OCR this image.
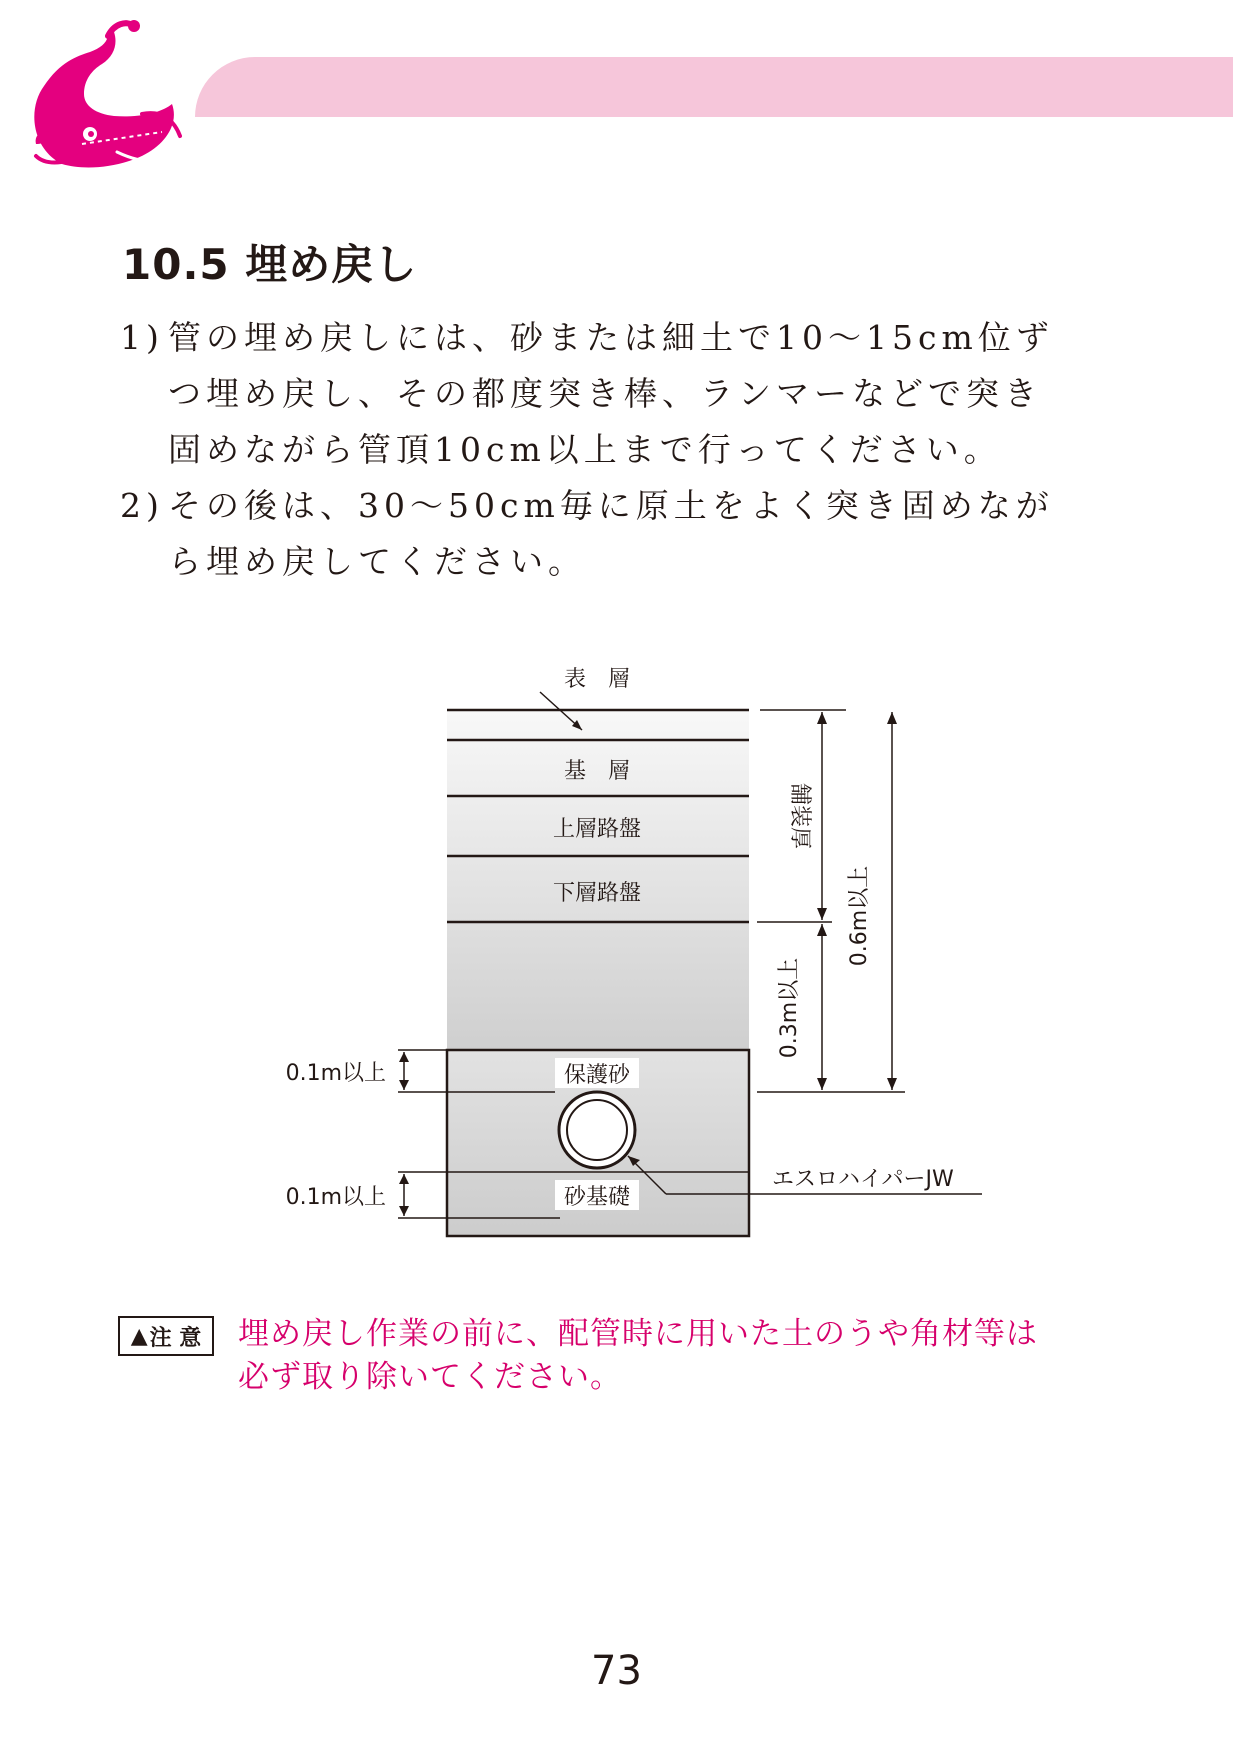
10.5 埋め戻し
1) 管の埋め戻しには、砂または細土で10〜15cm位ずつ埋め戻し、その都度突き棒、ランマーなどで突き固めながら管頂10cm以上まで行ってください。
2) その後は、30〜50cm毎に原土をよく突き固めながら埋め戻してください。
表　層
基　層
上層路盤
下層路盤
保護砂
砂基礎
舗装厚
0.3m以上
0.6m以上
0.1m以上
0.1m以上
エスロハイパーJW
▲ 注 意 埋め戻し作業の前に、配管時に用いた土のうや角材等は
必ず取り除いてください。
73
